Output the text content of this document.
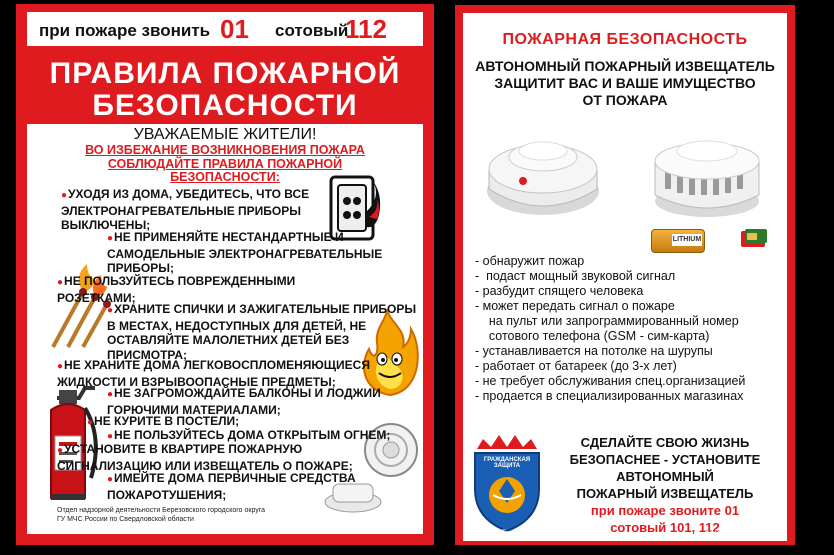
при пожаре звонить 01 сотовый
112
ПРАВИЛА ПОЖАРНОЙ
БЕЗОПАСНОСТИ
УВАЖАЕМЫЕ ЖИТЕЛИ!
ВО ИЗБЕЖАНИЕ ВОЗНИКНОВЕНИЯ ПОЖАРА
СОБЛЮДАЙТЕ ПРАВИЛА ПОЖАРНОЙ
БЕЗОПАСНОСТИ:
●УХОДЯ ИЗ ДОМА, УБЕДИТЕСЬ, ЧТО ВСЕ
ЭЛЕКТРОНАГРЕВАТЕЛЬНЫЕ ПРИБОРЫ
ВЫКЛЮЧЕНЫ;
●НЕ ПРИМЕНЯЙТЕ НЕСТАНДАРТНЫЕ И
САМОДЕЛЬНЫЕ ЭЛЕКТРОНАГРЕВАТЕЛЬНЫЕ
ПРИБОРЫ;
●НЕ ПОЛЬЗУЙТЕСЬ ПОВРЕЖДЕННЫМИ
РОЗЕТКАМИ;
●ХРАНИТЕ СПИЧКИ И ЗАЖИГАТЕЛЬНЫЕ ПРИБОРЫ
В МЕСТАХ, НЕДОСТУПНЫХ ДЛЯ ДЕТЕЙ, НЕ
ОСТАВЛЯЙТЕ МАЛОЛЕТНИХ ДЕТЕЙ БЕЗ
ПРИСМОТРА;
●НЕ ХРАНИТЕ ДОМА ЛЕГКОВОСПЛОМЕНЯЮЩИЕСЯ
ЖИДКОСТИ И ВЗРЫВООПАСНЫЕ ПРЕДМЕТЫ;
●НЕ ЗАГРОМОЖДАЙТЕ БАЛКОНЫ И ЛОДЖИИ
ГОРЮЧИМИ МАТЕРИАЛАМИ;
●НЕ КУРИТЕ В ПОСТЕЛИ;
●НЕ ПОЛЬЗУЙТЕСЬ ДОМА ОТКРЫТЫМ ОГНЕМ;
●УСТАНОВИТЕ В КВАРТИРЕ ПОЖАРНУЮ
СИГНАЛИЗАЦИЮ ИЛИ ИЗВЕЩАТЕЛЬ О ПОЖАРЕ;
●ИМЕЙТЕ ДОМА ПЕРВИЧНЫЕ СРЕДСТВА
ПОЖАРОТУШЕНИЯ;
Отдел надзорной деятельности Березовского городского округа
ГУ МЧС России по Свердловской области
ПОЖАРНАЯ БЕЗОПАСНОСТЬ
АВТОНОМНЫЙ ПОЖАРНЫЙ ИЗВЕЩАТЕЛЬ
ЗАЩИТИТ ВАС И ВАШЕ ИМУЩЕСТВО
ОТ ПОЖАРА
LITHIUM
- обнаружит пожар
-  подаст мощный звуковой сигнал
- разбудит спящего человека
- может передать сигнал о пожаре
на пульт или запрограммированный номер
сотового телефона (GSM - сим-карта)
- устанавливается на потолке на шурупы
- работает от батареек (до 3-х лет)
- не требует обслуживания спец.организацией
- продается в специализированных магазинах
ГРАЖДАНСКАЯ ЗАЩИТА
СДЕЛАЙТЕ СВОЮ ЖИЗНЬ
БЕЗОПАСНЕЕ - УСТАНОВИТЕ
АВТОНОМНЫЙ
ПОЖАРНЫЙ ИЗВЕЩАТЕЛЬ
при пожаре звоните 01
сотовый 101, 112
МКУ «Гражданская защита ЗГО»	сайт gzzgo.ru
